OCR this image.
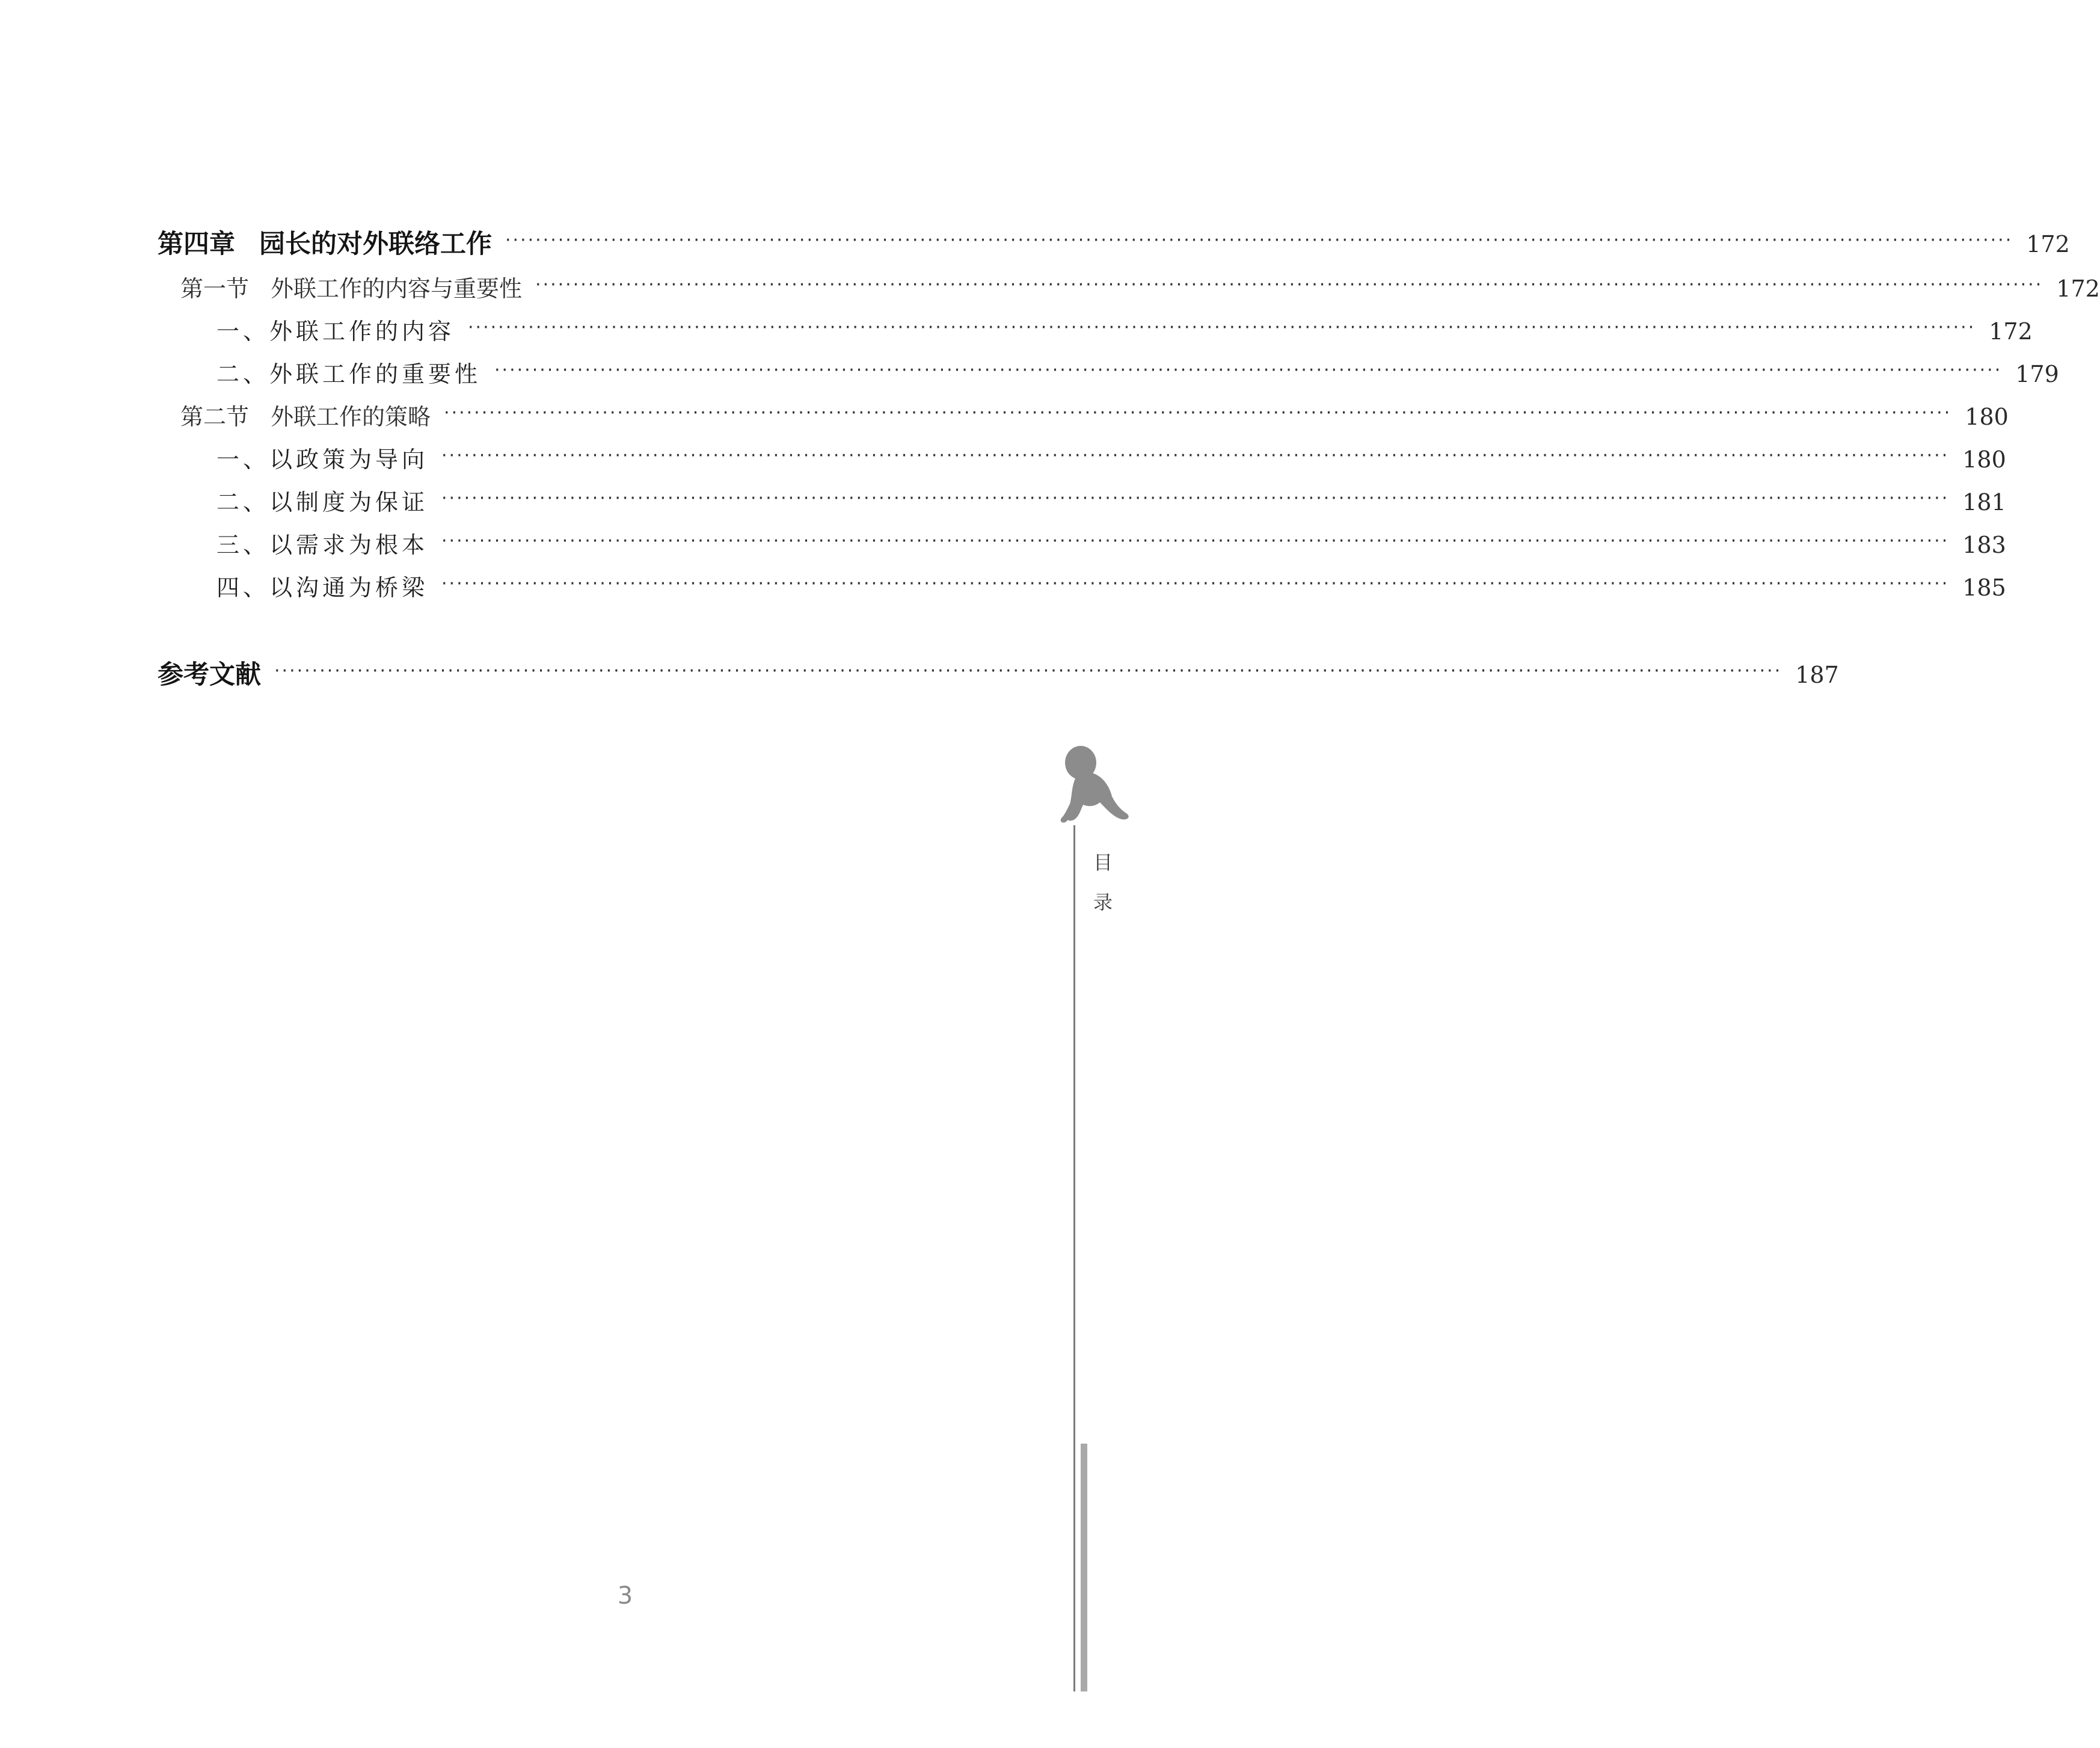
第四章 园长的对外联络工作 ········································································································································································································ 172
第一节 外联工作的内容与重要性 ········································································································································································································ 172
一、外联工作的内容 ········································································································································································································ 172
二、外联工作的重要性 ········································································································································································································ 179
第二节 外联工作的策略 ········································································································································································································ 180
一、以政策为导向 ········································································································································································································ 180
二、以制度为保证 ········································································································································································································ 181
三、以需求为根本 ········································································································································································································ 183
四、以沟通为桥梁 ········································································································································································································ 185
参考文献 ········································································································································································································ 187
目
录
3
